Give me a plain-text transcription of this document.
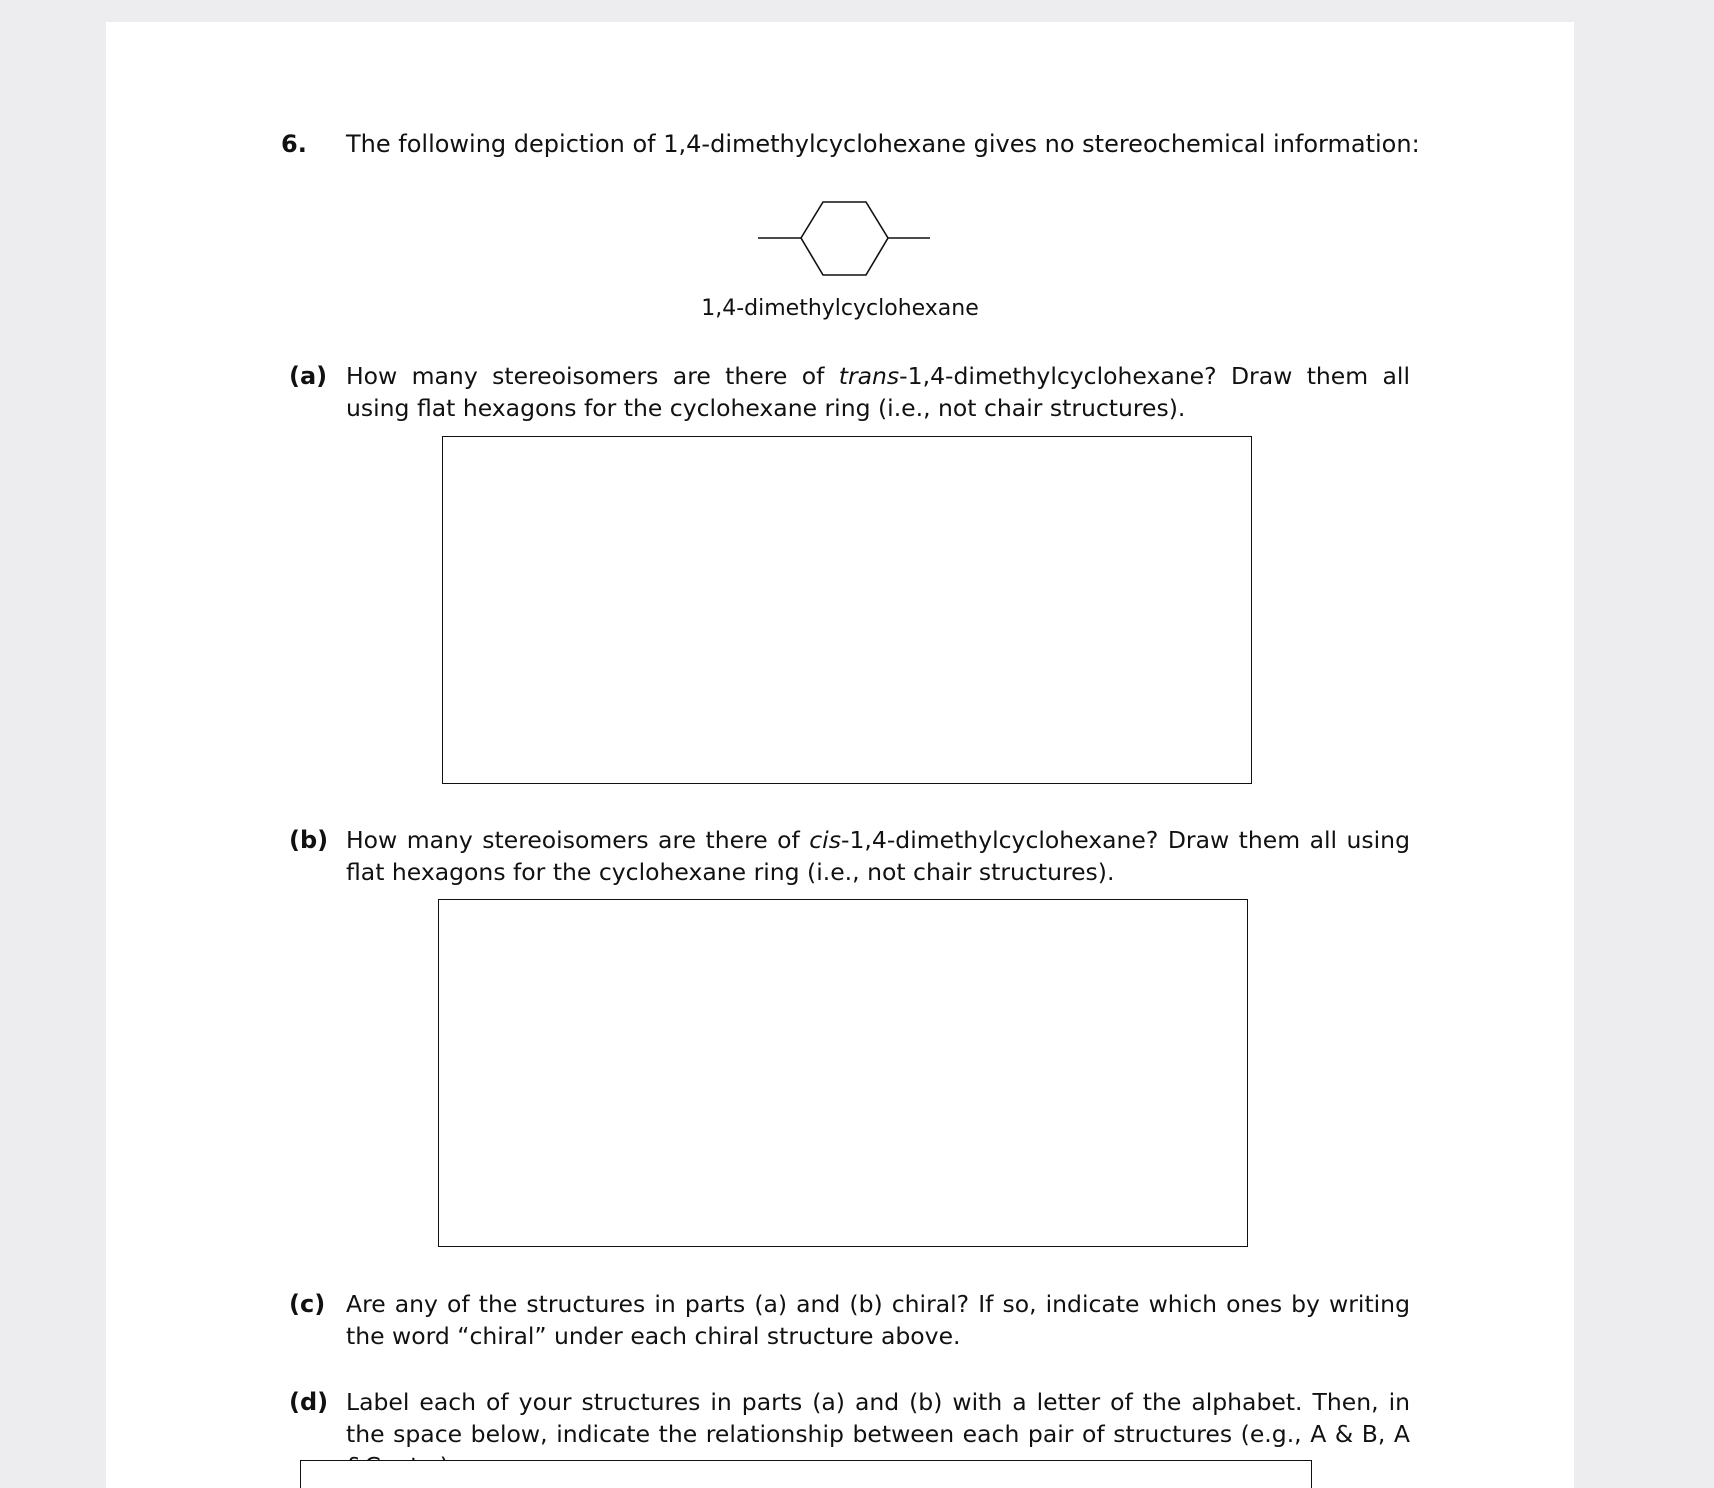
6. The following depiction of 1,4-dimethylcyclohexane gives no stereochemical information:
1,4-dimethylcyclohexane
(a) How many stereoisomers are there of trans-1,4-dimethylcyclohexane? Draw them all using flat hexagons for the cyclohexane ring (i.e., not chair structures).
(b) How many stereoisomers are there of cis-1,4-dimethylcyclohexane? Draw them all using flat hexagons for the cyclohexane ring (i.e., not chair structures).
(c) Are any of the structures in parts (a) and (b) chiral? If so, indicate which ones by writing the word “chiral” under each chiral structure above.
(d) Label each of your structures in parts (a) and (b) with a letter of the alphabet. Then, in the space below, indicate the relationship between each pair of structures (e.g., A & B, A
